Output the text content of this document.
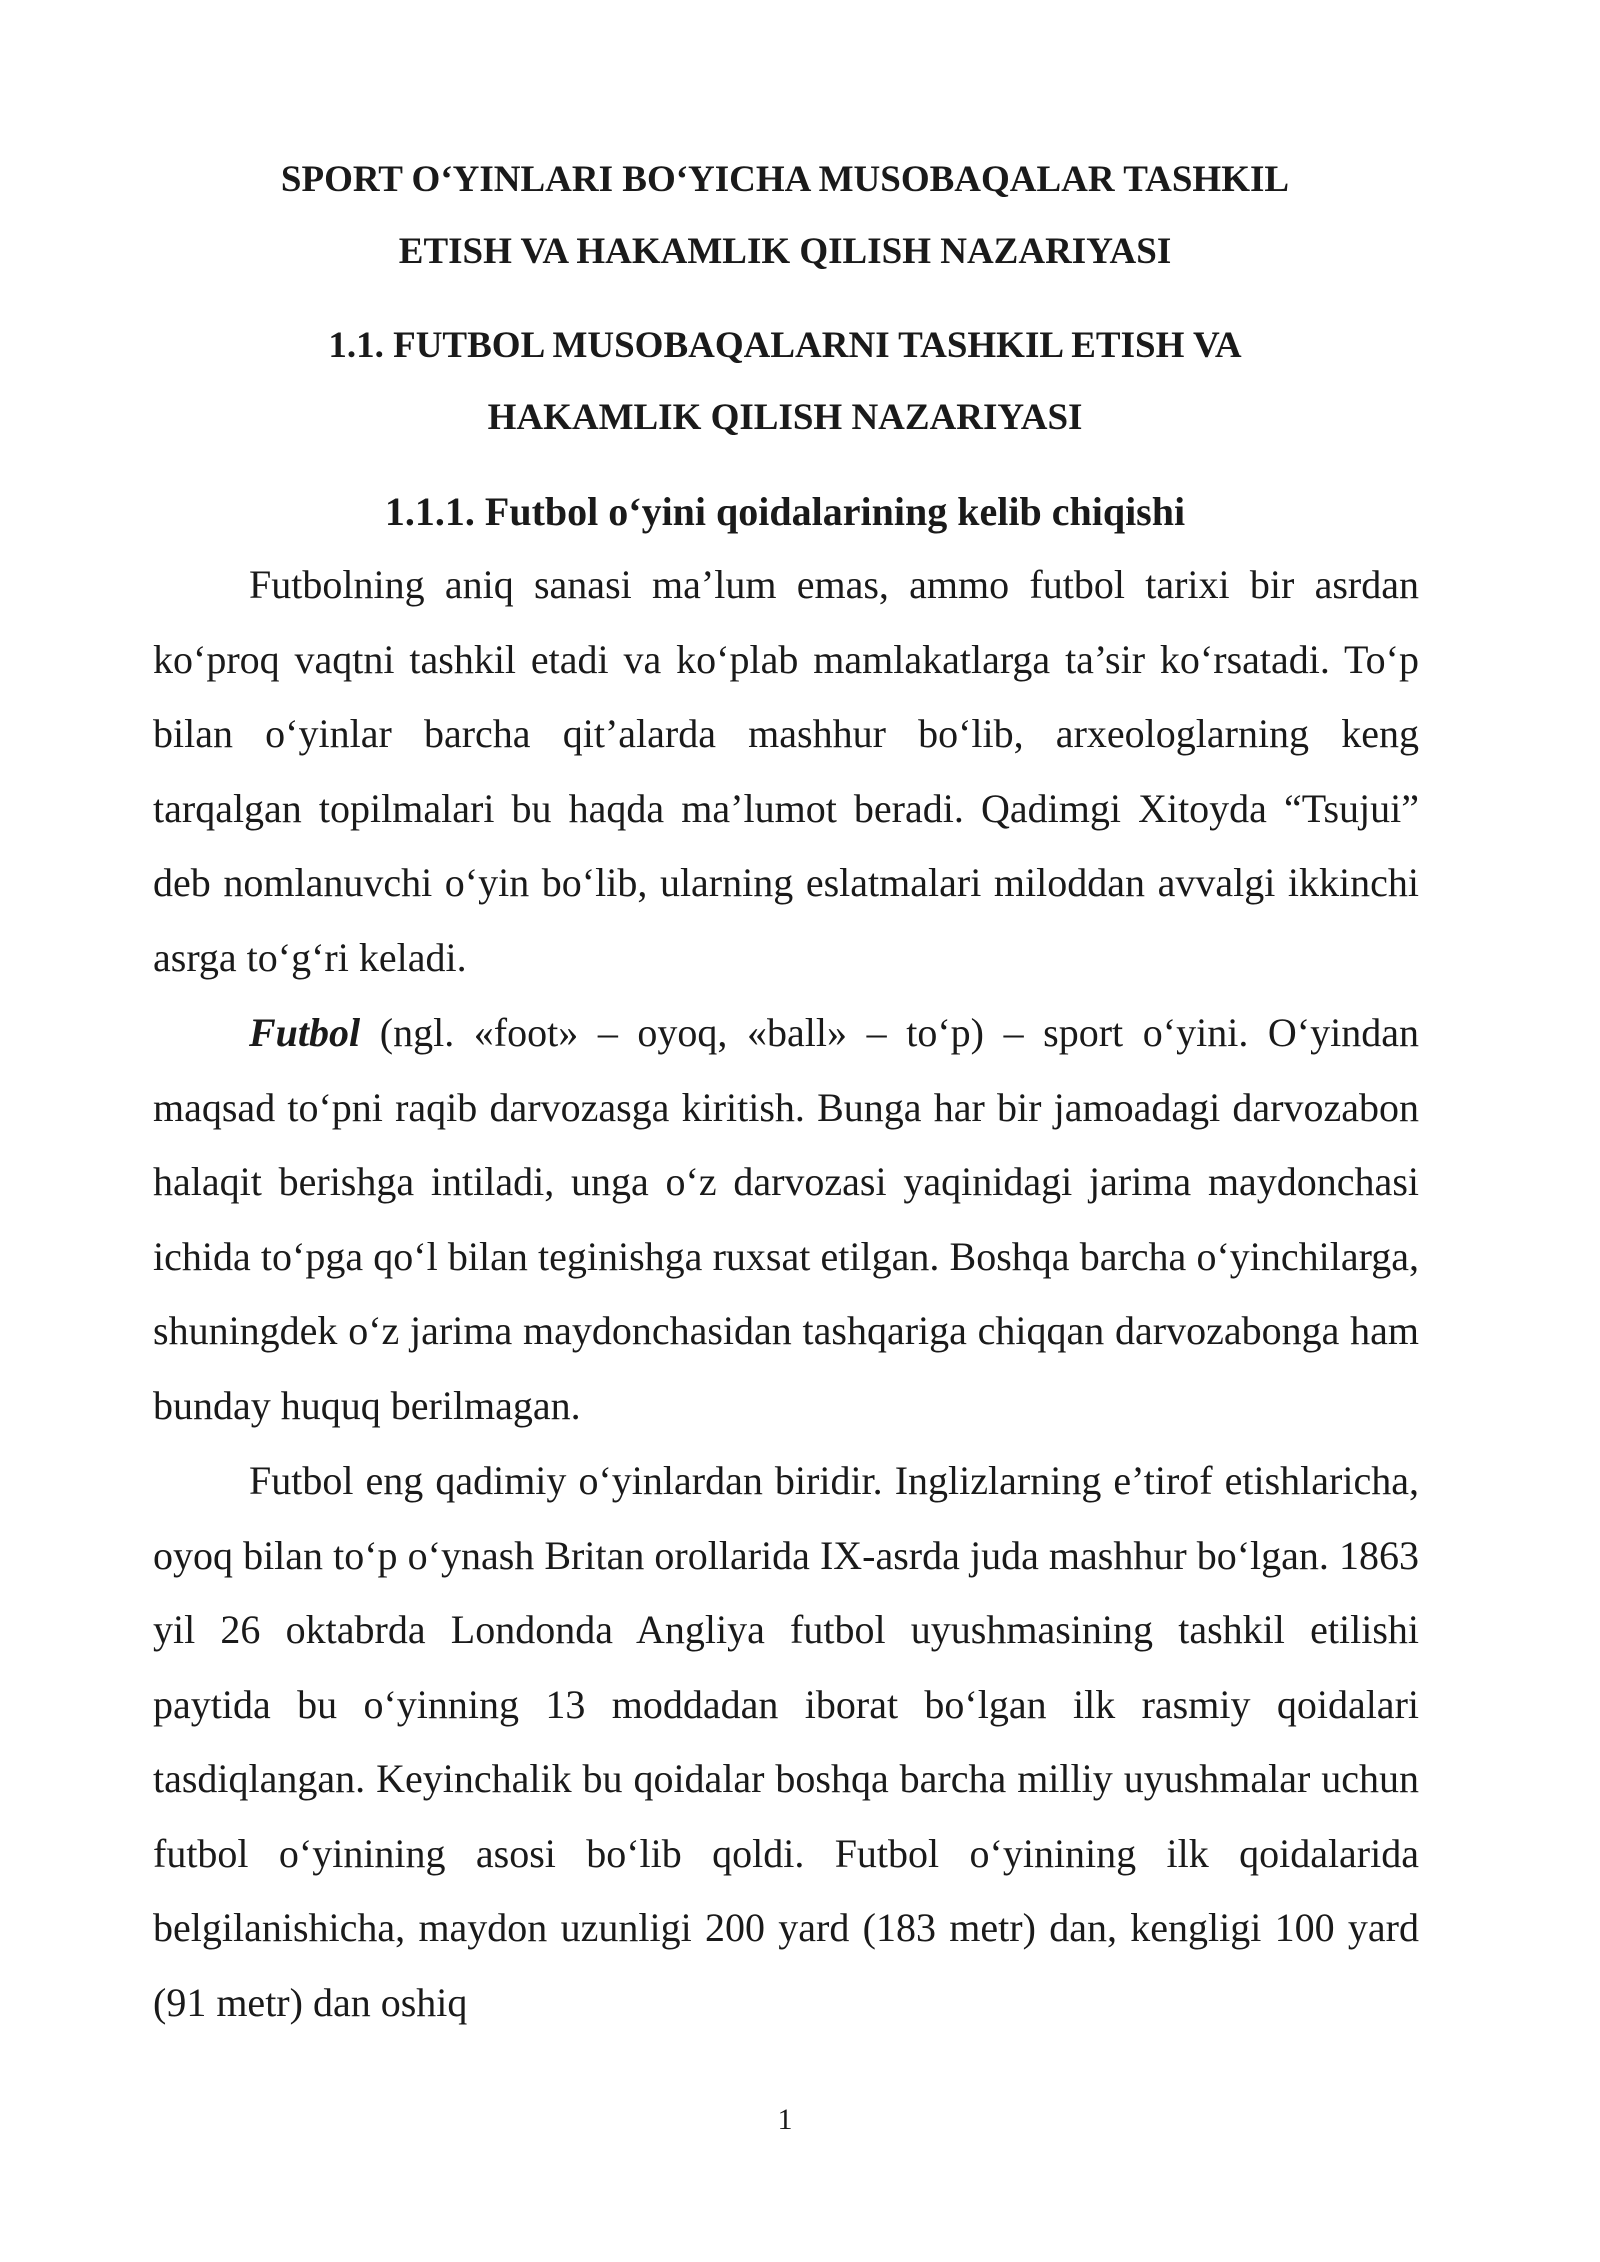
SPORT O‘YINLARI BO‘YICHA MUSOBAQALAR TASHKIL
ETISH VA HAKAMLIK QILISH NAZARIYASI
1.1. FUTBOL MUSOBAQALARNI TASHKIL ETISH VA
HAKAMLIK QILISH NAZARIYASI
1.1.1. Futbol o‘yini qoidalarining kelib chiqishi

Futbolning aniq sanasi ma’lum emas, ammo futbol tarixi bir asrdan ko‘proq vaqtni tashkil etadi va ko‘plab mamlakatlarga ta’sir ko‘rsatadi. To‘p bilan o‘yinlar barcha qit’alarda mashhur bo‘lib, arxeologlarning keng tarqalgan topilmalari bu haqda ma’lumot beradi. Qadimgi Xitoyda “Tsujui” deb nomlanuvchi o‘yin bo‘lib, ularning eslatmalari miloddan avvalgi ikkinchi asrga to‘g‘ri keladi.

Futbol (ngl. «foot» – oyoq, «ball» – to‘p) – sport o‘yini. O‘yindan maqsad to‘pni raqib darvozasga kiritish. Bunga har bir jamoadagi darvozabon halaqit berishga intiladi, unga o‘z darvozasi yaqinidagi jarima maydonchasi ichida to‘pga qo‘l bilan teginishga ruxsat etilgan. Boshqa barcha o‘yinchilarga, shuningdek o‘z jarima maydonchasidan tashqariga chiqqan darvozabonga ham bunday huquq berilmagan.

Futbol eng qadimiy o‘yinlardan biridir. Inglizlarning e’tirof etishlaricha, oyoq bilan to‘p o‘ynash Britan orollarida IX-asrda juda mashhur bo‘lgan. 1863 yil 26 oktabrda Londonda Angliya futbol uyushmasining tashkil etilishi paytida bu o‘yinning 13 moddadan iborat bo‘lgan ilk rasmiy qoidalari tasdiqlangan. Keyinchalik bu qoidalar boshqa barcha milliy uyushmalar uchun futbol o‘yinining asosi bo‘lib qoldi. Futbol o‘yinining ilk qoidalarida belgilanishicha, maydon uzunligi 200 yard (183 metr) dan, kengligi 100 yard (91 metr) dan oshiq

1
